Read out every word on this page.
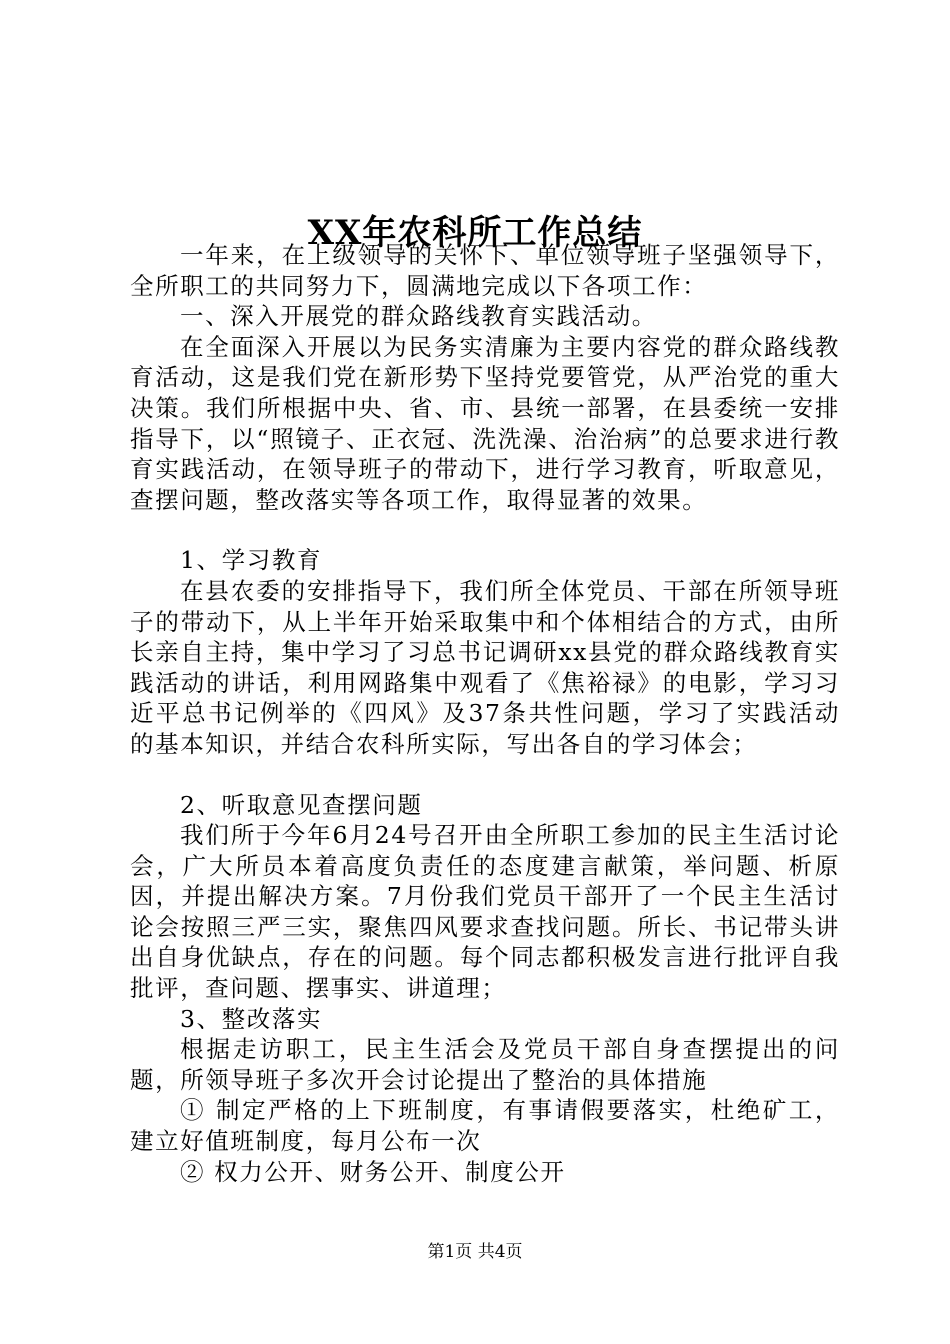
XX年农科所工作总结

一年来，在上级领导的关怀下、单位领导班子坚强领导下，全所职工的共同努力下，圆满地完成以下各项工作：

一、深入开展党的群众路线教育实践活动。

在全面深入开展以为民务实清廉为主要内容党的群众路线教育活动，这是我们党在新形势下坚持党要管党，从严治党的重大决策。我们所根据中央、省、市、县统一部署，在县委统一安排指导下，以“照镜子、正衣冠、洗洗澡、治治病”的总要求进行教育实践活动，在领导班子的带动下，进行学习教育，听取意见，查摆问题，整改落实等各项工作，取得显著的效果。

1、学习教育

在县农委的安排指导下，我们所全体党员、干部在所领导班子的带动下，从上半年开始采取集中和个体相结合的方式，由所长亲自主持，集中学习了习总书记调研xx县党的群众路线教育实践活动的讲话，利用网路集中观看了《焦裕禄》的电影，学习习近平总书记例举的《四风》及37条共性问题，学习了实践活动的基本知识，并结合农科所实际，写出各自的学习体会；

2、听取意见查摆问题

我们所于今年6月24号召开由全所职工参加的民主生活讨论会，广大所员本着高度负责任的态度建言献策，举问题、析原因，并提出解决方案。7月份我们党员干部开了一个民主生活讨论会按照三严三实，聚焦四风要求查找问题。所长、书记带头讲出自身优缺点，存在的问题。每个同志都积极发言进行批评自我批评，查问题、摆事实、讲道理；

3、整改落实

根据走访职工，民主生活会及党员干部自身查摆提出的问题，所领导班子多次开会讨论提出了整治的具体措施

① 制定严格的上下班制度，有事请假要落实，杜绝矿工，建立好值班制度，每月公布一次

② 权力公开、财务公开、制度公开

第1页 共4页
